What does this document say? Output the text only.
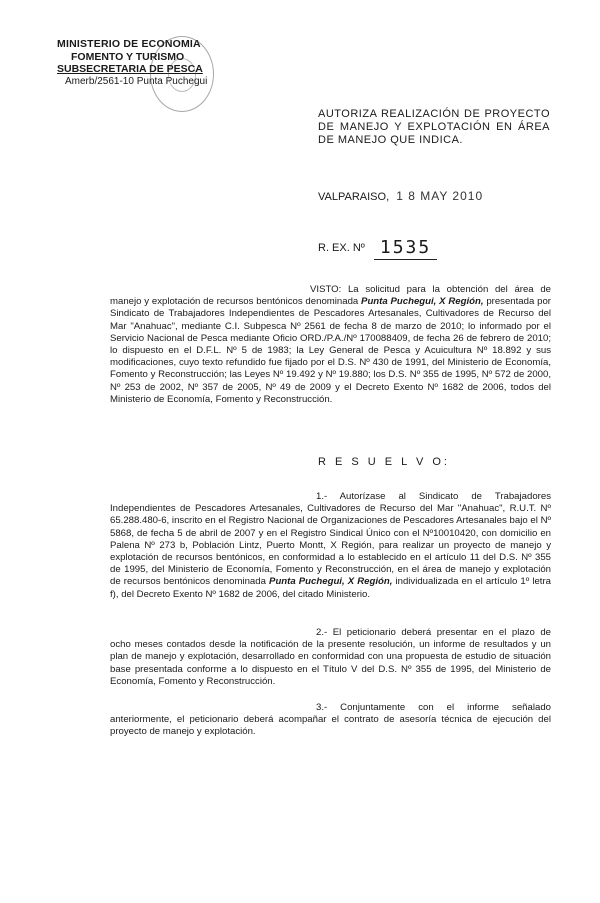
MINISTERIO DE ECONOMIA
FOMENTO Y TURISMO
SUBSECRETARIA DE PESCA
Amerb/2561-10 Punta Puchegui
AUTORIZA REALIZACIÓN DE PROYECTO DE MANEJO Y EXPLOTACIÓN EN ÁREA DE MANEJO QUE INDICA.
VALPARAISO, 1 8 MAY 2010
R. EX. Nº 1535
VISTO: La solicitud para la obtención del área de manejo y explotación de recursos bentónicos denominada Punta Puchegui, X Región, presentada por Sindicato de Trabajadores Independientes de Pescadores Artesanales, Cultivadores de Recurso del Mar "Anahuac", mediante C.I. Subpesca Nº 2561 de fecha 8 de marzo de 2010; lo informado por el Servicio Nacional de Pesca mediante Oficio ORD./P.A./Nº 170088409, de fecha 26 de febrero de 2010; lo dispuesto en el D.F.L. Nº 5 de 1983; la Ley General de Pesca y Acuicultura Nº 18.892 y sus modificaciones, cuyo texto refundido fue fijado por el D.S. Nº 430 de 1991, del Ministerio de Economía, Fomento y Reconstrucción; las Leyes Nº 19.492 y Nº 19.880; los D.S. Nº 355 de 1995, Nº 572 de 2000, Nº 253 de 2002, Nº 357 de 2005, Nº 49 de 2009 y el Decreto Exento Nº 1682 de 2006, todos del Ministerio de Economía, Fomento y Reconstrucción.
R E S U E L V O:
1.- Autorízase al Sindicato de Trabajadores Independientes de Pescadores Artesanales, Cultivadores de Recurso del Mar "Anahuac", R.U.T. Nº 65.288.480-6, inscrito en el Registro Nacional de Organizaciones de Pescadores Artesanales bajo el Nº 5868, de fecha 5 de abril de 2007 y en el Registro Sindical Único con el Nº10010420, con domicilio en Palena Nº 273 b, Población Lintz, Puerto Montt, X Región, para realizar un proyecto de manejo y explotación de recursos bentónicos, en conformidad a lo establecido en el artículo 11 del D.S. Nº 355 de 1995, del Ministerio de Economía, Fomento y Reconstrucción, en el área de manejo y explotación de recursos bentónicos denominada Punta Puchegui, X Región, individualizada en el artículo 1º letra f), del Decreto Exento Nº 1682 de 2006, del citado Ministerio.
2.- El peticionario deberá presentar en el plazo de ocho meses contados desde la notificación de la presente resolución, un informe de resultados y un plan de manejo y explotación, desarrollado en conformidad con una propuesta de estudio de situación base presentada conforme a lo dispuesto en el Título V del D.S. Nº 355 de 1995, del Ministerio de Economía, Fomento y Reconstrucción.
3.- Conjuntamente con el informe señalado anteriormente, el peticionario deberá acompañar el contrato de asesoría técnica de ejecución del proyecto de manejo y explotación.
